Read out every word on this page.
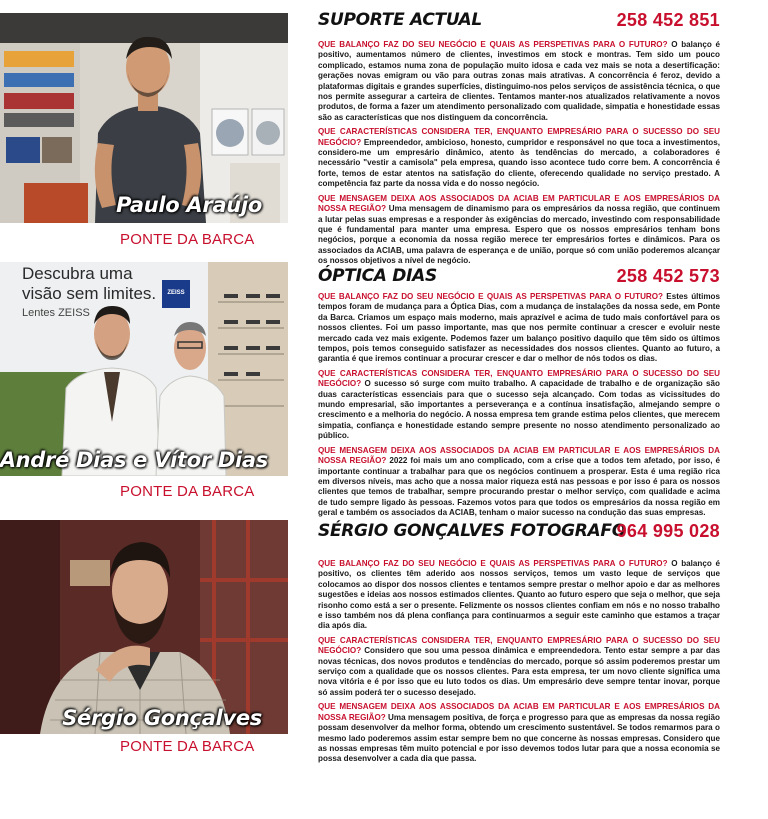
Paulo Araújo
PONTE DA BARCA
Descubra uma
visão sem limites.
Lentes ZEISS
ZEISS
André Dias e Vítor Dias
PONTE DA BARCA
Sérgio Gonçalves
PONTE DA BARCA
SUPORTE ACTUAL	258 452 851

QUE BALANÇO FAZ DO SEU NEGÓCIO E QUAIS AS PERSPETIVAS PARA O FUTURO? O balanço é positivo, aumentamos número de clientes, investimos em stock e montras. Tem sido um pouco complicado, estamos numa zona de população muito idosa e cada vez mais se nota a desertificação: gerações novas emigram ou vão para outras zonas mais atrativas. A concorrência é feroz, devido a plataformas digitais e grandes superfícies, distinguimo-nos pelos serviços de assistência técnica, o que nos permite assegurar a carteira de clientes. Tentamos manter-nos atualizados relativamente a novos produtos, de forma a fazer um atendimento personalizado com qualidade, simpatia e honestidade essas são as características que nos distinguem da concorrência.

QUE CARACTERÍSTICAS CONSIDERA TER, ENQUANTO EMPRESÁRIO PARA O SUCESSO DO SEU NEGÓCIO? Empreendedor, ambicioso, honesto, cumpridor e responsável no que toca a investimentos, considero-me um empresário dinâmico, atento às tendências do mercado, a colaboradores é necessário "vestir a camisola" pela empresa, quando isso acontece tudo corre bem. A concorrência é forte, temos de estar atentos na satisfação do cliente, oferecendo qualidade no serviço prestado. A competência faz parte da nossa vida e do nosso negócio.

QUE MENSAGEM DEIXA AOS ASSOCIADOS DA ACIAB EM PARTICULAR E AOS EMPRESÁRIOS DA NOSSA REGIÃO? Uma mensagem de dinamismo para os empresários da nossa região, que continuem a lutar pelas suas empresas e a responder às exigências do mercado, investindo com responsabilidade que é fundamental para manter uma empresa. Espero que os nossos empresários tenham bons negócios, porque a economia da nossa região merece ter empresários fortes e dinâmicos. Para os associados da ACIAB, uma palavra de esperança e de união, porque só com união poderemos alcançar os nossos objetivos a nível de negócio.

ÓPTICA DIAS	258 452 573

QUE BALANÇO FAZ DO SEU NEGÓCIO E QUAIS AS PERSPETIVAS PARA O FUTURO? Estes últimos tempos foram de mudança para a Óptica Dias, com a mudança de instalações da nossa sede, em Ponte da Barca. Criamos um espaço mais moderno, mais aprazível e acima de tudo mais confortável para os nossos clientes. Foi um passo importante, mas que nos permite continuar a crescer e evoluir neste mercado cada vez mais exigente. Podemos fazer um balanço positivo daquilo que têm sido os últimos tempos, pois temos conseguido satisfazer as necessidades dos nossos clientes. Quanto ao futuro, a garantia é que iremos continuar a procurar crescer e dar o melhor de nós todos os dias.

QUE CARACTERÍSTICAS CONSIDERA TER, ENQUANTO EMPRESÁRIO PARA O SUCESSO DO SEU NEGÓCIO? O sucesso só surge com muito trabalho. A capacidade de trabalho e de organização são duas características essenciais para que o sucesso seja alcançado. Com todas as vicissitudes do mundo empresarial, são importantes a perseverança e a contínua insatisfação, almejando sempre o crescimento e a melhoria do negócio. A nossa empresa tem grande estima pelos clientes, que merecem simpatia, confiança e honestidade estando sempre presente no nosso atendimento personalizado ao público.

QUE MENSAGEM DEIXA AOS ASSOCIADOS DA ACIAB EM PARTICULAR E AOS EMPRESÁRIOS DA NOSSA REGIÃO? 2022 foi mais um ano complicado, com a crise que a todos tem afetado, por isso, é importante continuar a trabalhar para que os negócios continuem a prosperar. Esta é uma região rica em diversos níveis, mas acho que a nossa maior riqueza está nas pessoas e por isso é para os nossos clientes que temos de trabalhar, sempre procurando prestar o melhor serviço, com qualidade e acima de tudo sempre ligado às pessoas. Fazemos votos para que todos os empresários da nossa região em geral e também os associados da ACIAB, tenham o maior sucesso na condução das suas empresas.

SÉRGIO GONÇALVES FOTOGRAFO
964 995 028

QUE BALANÇO FAZ DO SEU NEGÓCIO E QUAIS AS PERSPETIVAS PARA O FUTURO? O balanço é positivo, os clientes têm aderido aos nossos serviços, temos um vasto leque de serviços que colocamos ao dispor dos nossos clientes e tentamos sempre prestar o melhor apoio e dar as melhores sugestões e ideias aos nossos estimados clientes. Quanto ao futuro espero que seja o melhor, que seja risonho como está a ser o presente. Felizmente os nossos clientes confiam em nós e no nosso trabalho e isso também nos dá plena confiança para continuarmos a seguir este caminho que estamos a traçar dia após dia.

QUE CARACTERÍSTICAS CONSIDERA TER, ENQUANTO EMPRESÁRIO PARA O SUCESSO DO SEU NEGÓCIO? Considero que sou uma pessoa dinâmica e empreendedora. Tento estar sempre a par das novas técnicas, dos novos produtos e tendências do mercado, porque só assim poderemos prestar um serviço com a qualidade que os nossos clientes. Para esta empresa, ter um novo cliente significa uma nova vitória e é por isso que eu luto todos os dias. Um empresário deve sempre tentar inovar, porque só assim poderá ter o sucesso desejado.

QUE MENSAGEM DEIXA AOS ASSOCIADOS DA ACIAB EM PARTICULAR E AOS EMPRESÁRIOS DA NOSSA REGIÃO? Uma mensagem positiva, de força e progresso para que as empresas da nossa região possam desenvolver da melhor forma, obtendo um crescimento sustentável. Se todos remarmos para o mesmo lado poderemos assim estar sempre bem no que concerne às nossas empresas. Considero que as nossas empresas têm muito potencial e por isso devemos todos lutar para que a nossa economia se possa desenvolver a cada dia que passa.
